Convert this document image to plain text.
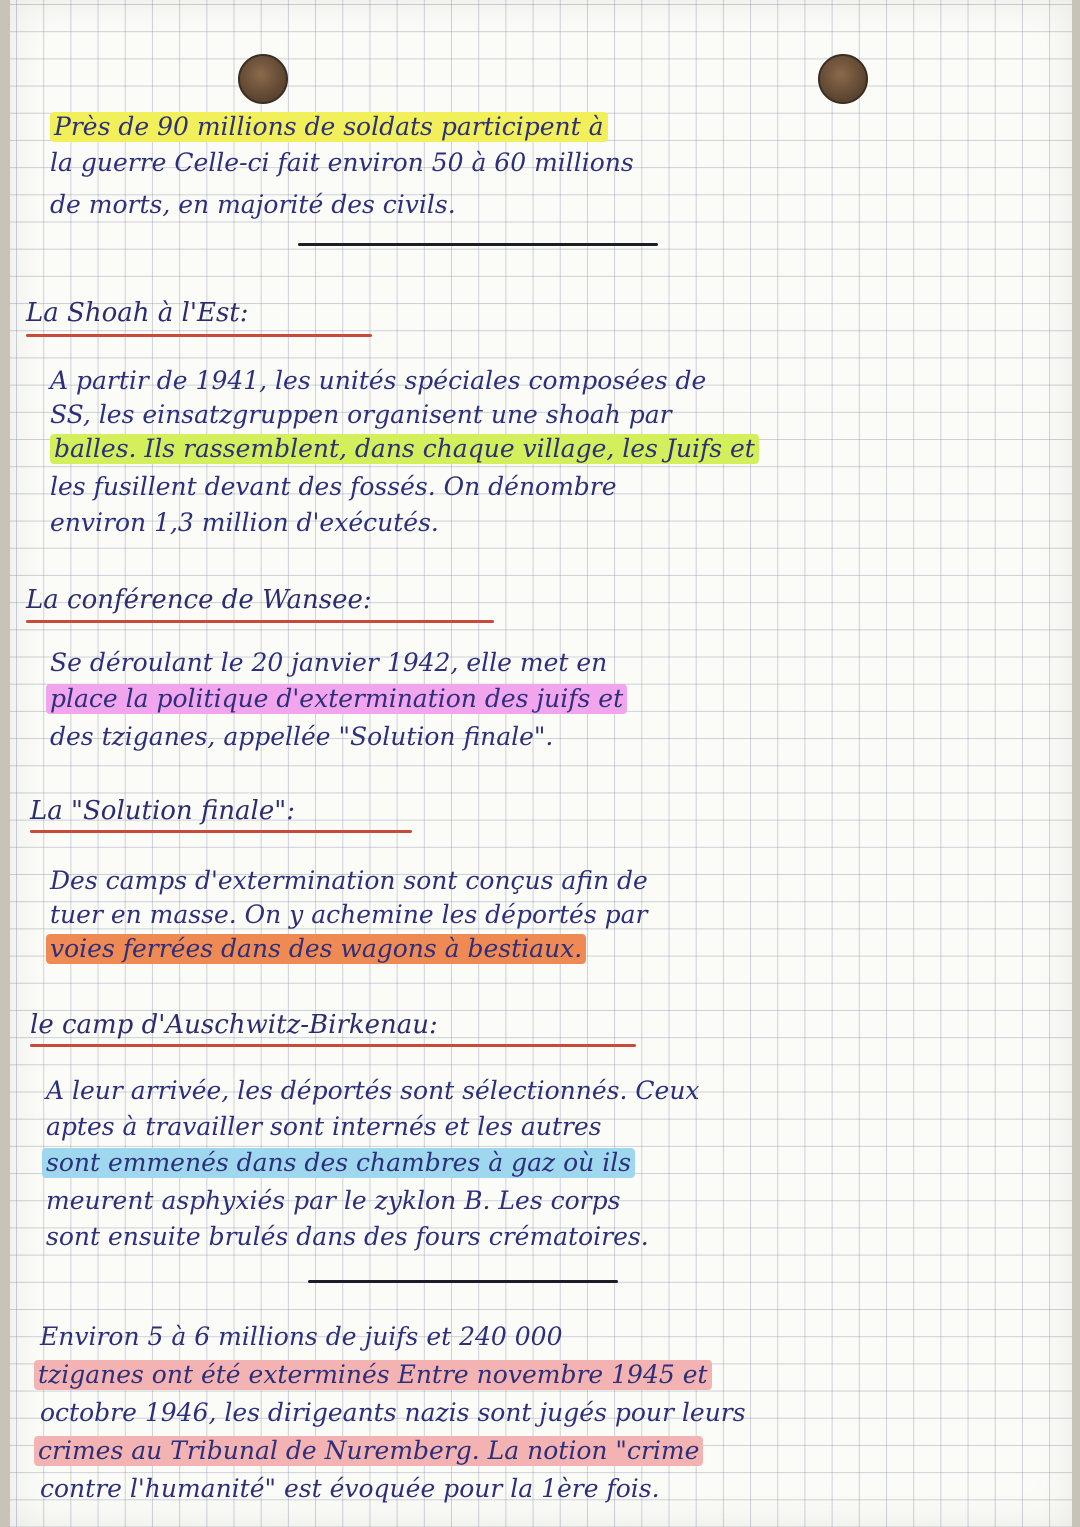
Près de 90 millions de soldats participent à
la guerre Celle-ci fait environ 50 à 60 millions
de morts, en majorité des civils.
La Shoah à l'Est:
A partir de 1941, les unités spéciales composées de
SS, les einsatzgruppen organisent une shoah par
balles. Ils rassemblent, dans chaque village, les Juifs et
les fusillent devant des fossés. On dénombre
environ 1,3 million d'exécutés.
La conférence de Wansee:
Se déroulant le 20 janvier 1942, elle met en
place la politique d'extermination des juifs et
des tziganes, appellée "Solution finale".
La "Solution finale":
Des camps d'extermination sont conçus afin de
tuer en masse. On y achemine les déportés par
voies ferrées dans des wagons à bestiaux.
le camp d'Auschwitz-Birkenau:
A leur arrivée, les déportés sont sélectionnés. Ceux
aptes à travailler sont internés et les autres
sont emmenés dans des chambres à gaz où ils
meurent asphyxiés par le zyklon B. Les corps
sont ensuite brulés dans des fours crématoires.
Environ 5 à 6 millions de juifs et 240 000
tziganes ont été exterminés Entre novembre 1945 et
octobre 1946, les dirigeants nazis sont jugés pour leurs
crimes au Tribunal de Nuremberg. La notion "crime
contre l'humanité" est évoquée pour la 1ère fois.
